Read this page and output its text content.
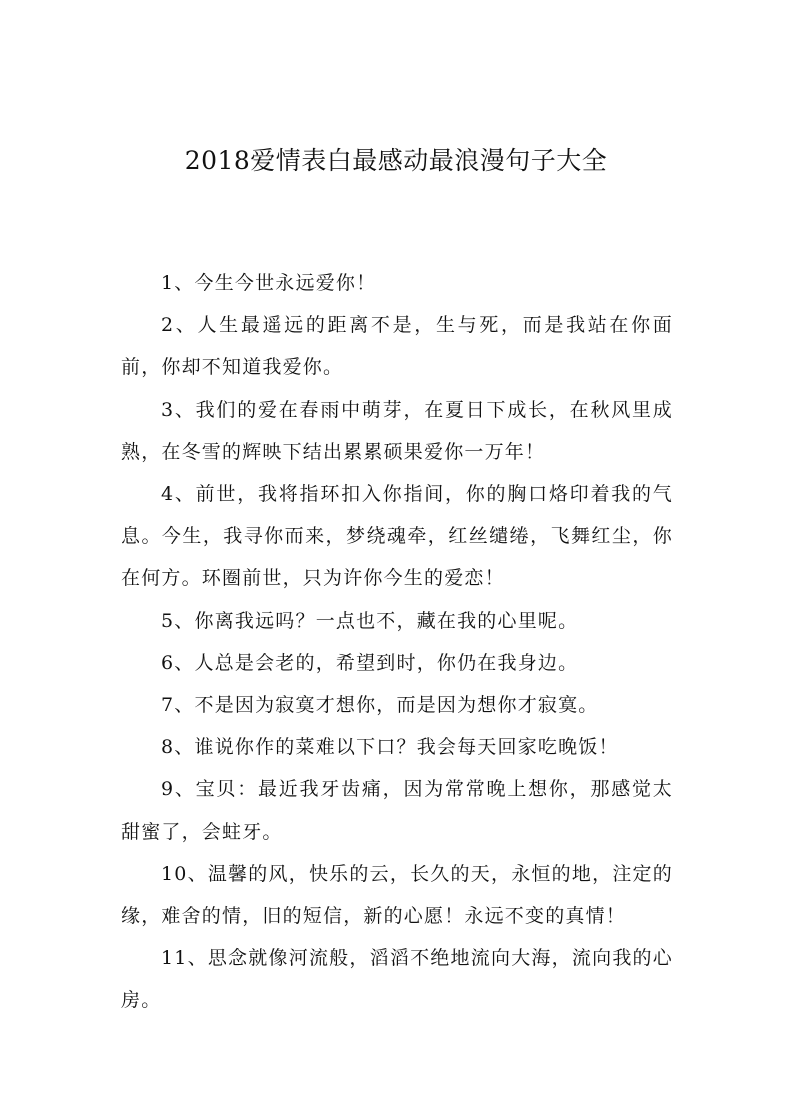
2018爱情表白最感动最浪漫句子大全

1、今生今世永远爱你！

2、人生最遥远的距离不是，生与死，而是我站在你面前，你却不知道我爱你。

3、我们的爱在春雨中萌芽，在夏日下成长，在秋风里成熟，在冬雪的辉映下结出累累硕果爱你一万年！

4、前世，我将指环扣入你指间，你的胸口烙印着我的气息。今生，我寻你而来，梦绕魂牵，红丝缱绻，飞舞红尘，你在何方。环圈前世，只为许你今生的爱恋！

5、你离我远吗？一点也不，藏在我的心里呢。

6、人总是会老的，希望到时，你仍在我身边。

7、不是因为寂寞才想你，而是因为想你才寂寞。

8、谁说你作的菜难以下口？我会每天回家吃晚饭！

9、宝贝：最近我牙齿痛，因为常常晚上想你，那感觉太甜蜜了，会蛀牙。

10、温馨的风，快乐的云，长久的天，永恒的地，注定的缘，难舍的情，旧的短信，新的心愿！永远不变的真情！

11、思念就像河流般，滔滔不绝地流向大海，流向我的心房。
